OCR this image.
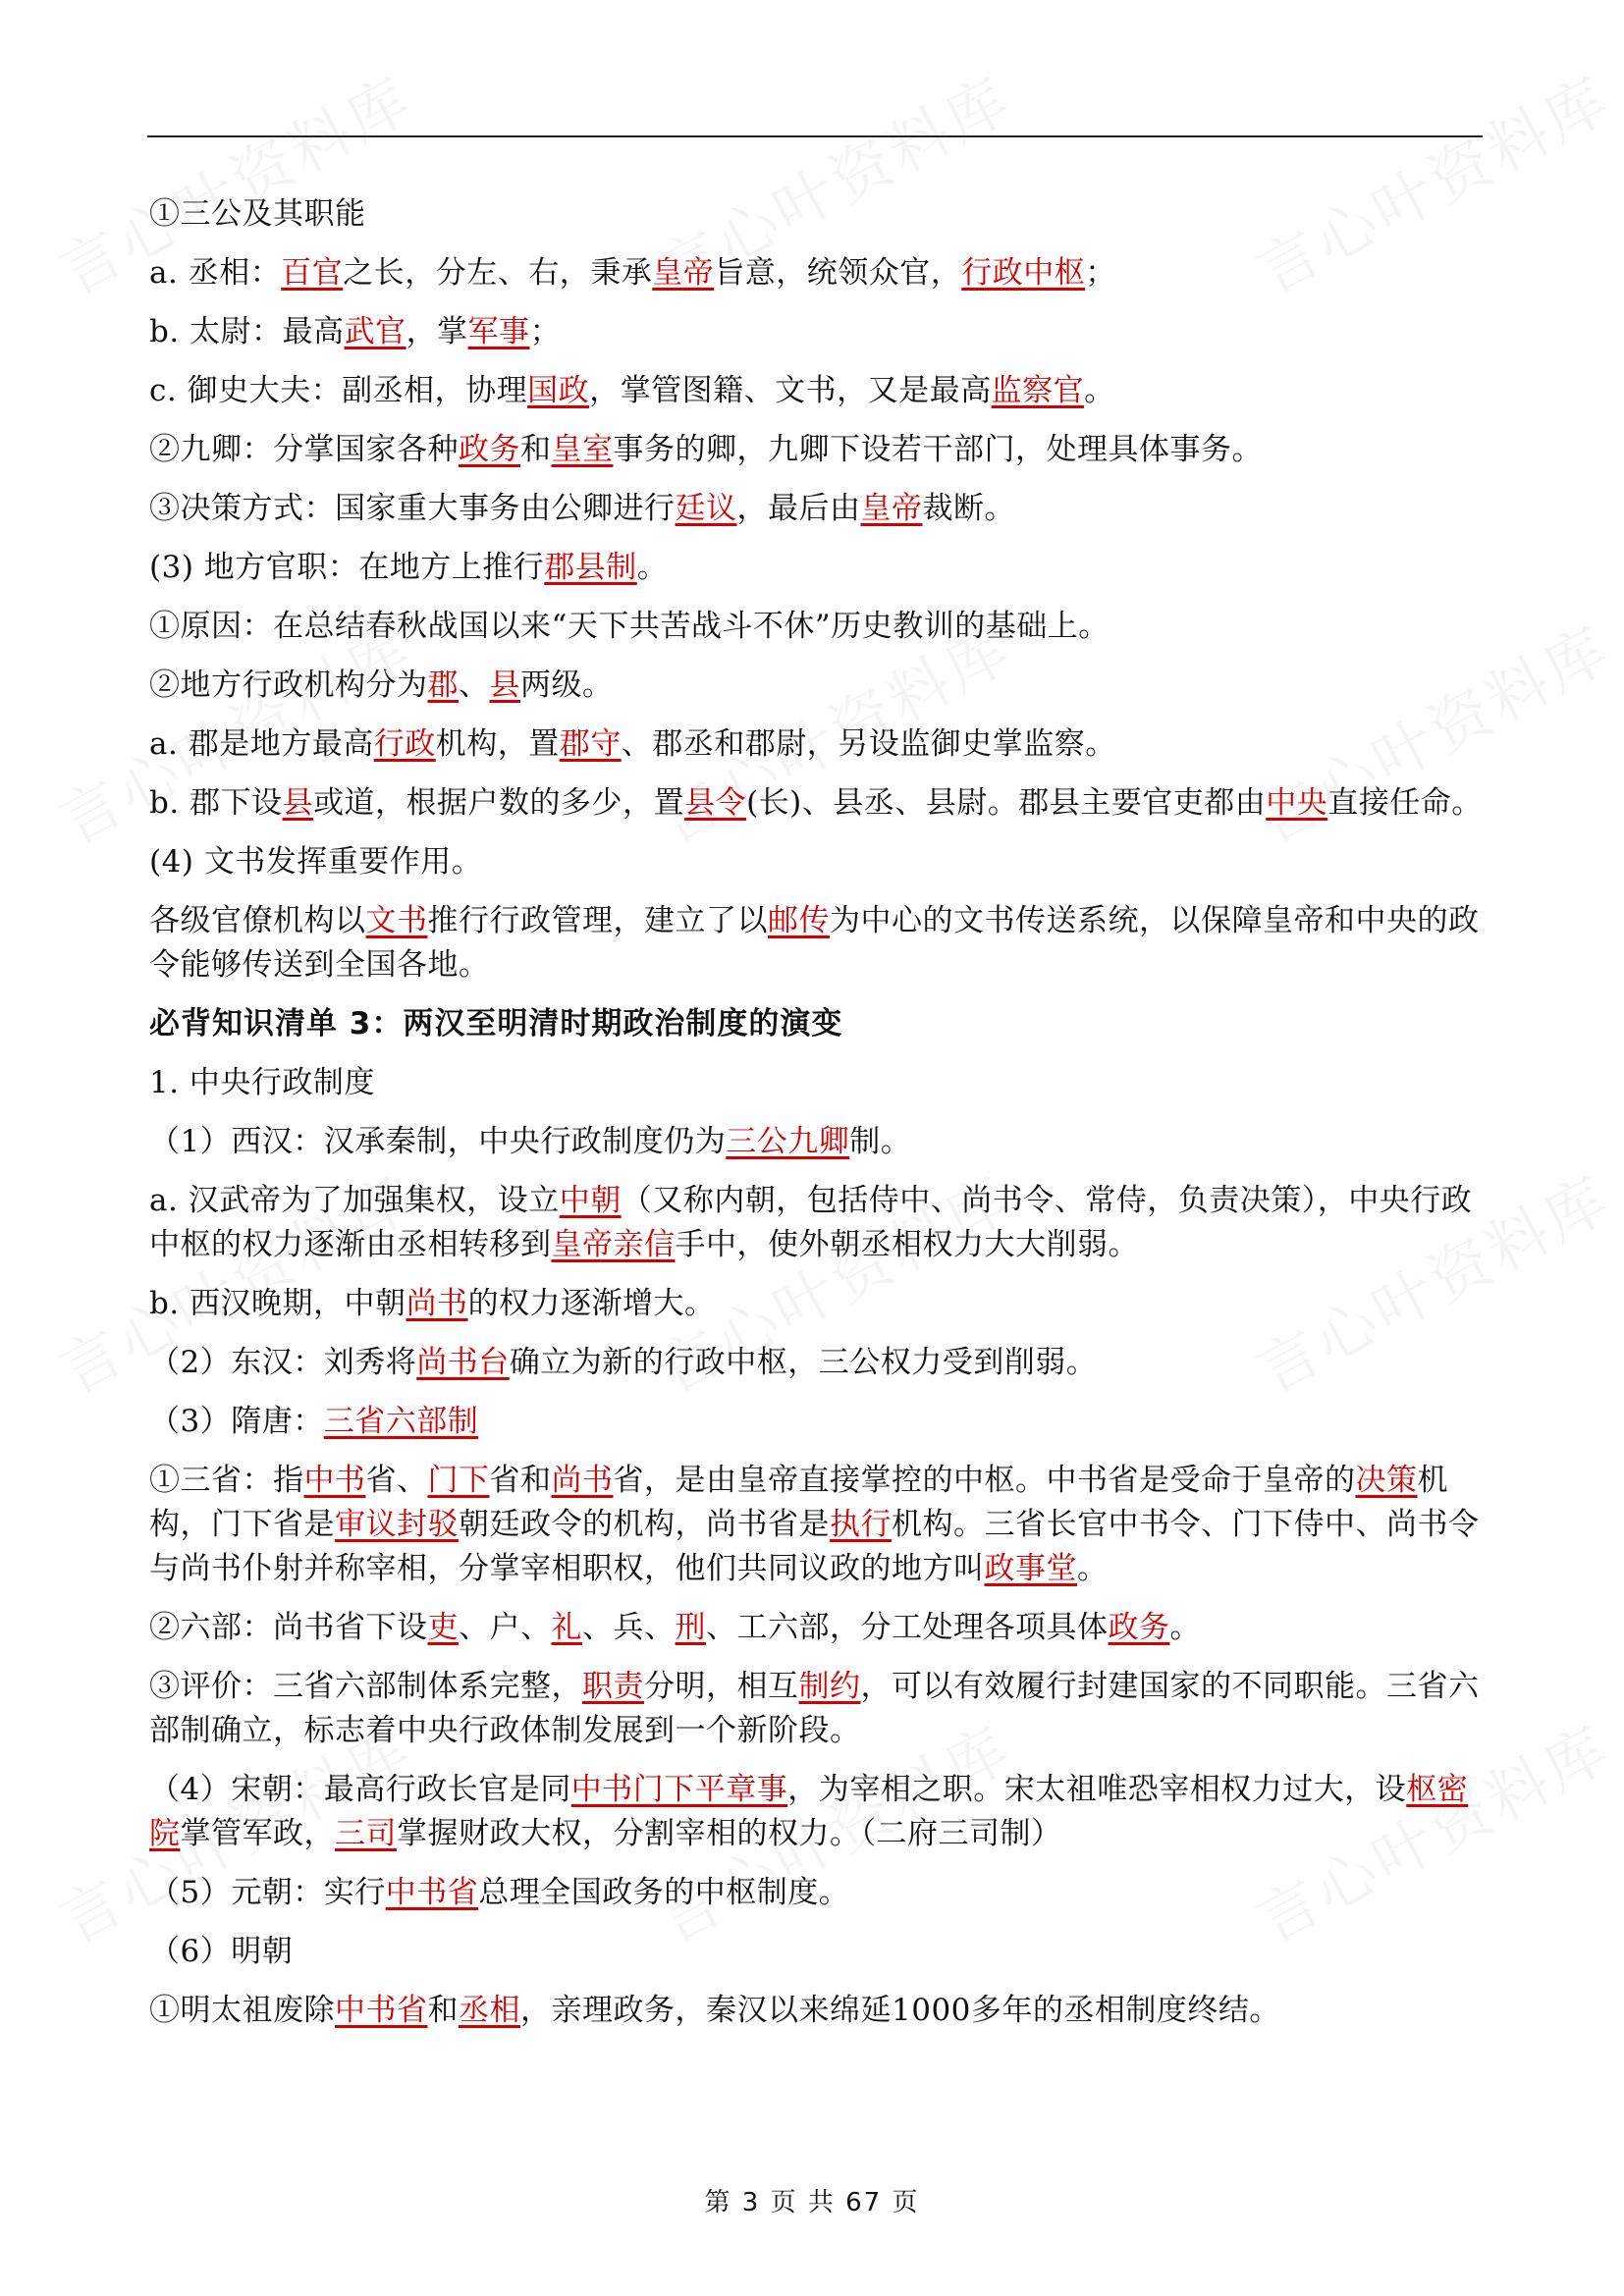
①三公及其职能
a. 丞相：百官之长，分左、右，秉承皇帝旨意，统领众官，行政中枢；
b. 太尉：最高武官，掌军事；
c. 御史大夫：副丞相，协理国政，掌管图籍、文书，又是最高监察官。
②九卿：分掌国家各种政务和皇室事务的卿，九卿下设若干部门，处理具体事务。
③决策方式：国家重大事务由公卿进行廷议，最后由皇帝裁断。
(3) 地方官职：在地方上推行郡县制。
①原因：在总结春秋战国以来“天下共苦战斗不休”历史教训的基础上。
②地方行政机构分为郡、县两级。
a. 郡是地方最高行政机构，置郡守、郡丞和郡尉，另设监御史掌监察。
b. 郡下设县或道，根据户数的多少，置县令(长)、县丞、县尉。郡县主要官吏都由中央直接任命。
(4) 文书发挥重要作用。
各级官僚机构以文书推行行政管理，建立了以邮传为中心的文书传送系统，以保障皇帝和中央的政令能够传送到全国各地。
必背知识清单 3：两汉至明清时期政治制度的演变
1. 中央行政制度
（1）西汉：汉承秦制，中央行政制度仍为三公九卿制。
a. 汉武帝为了加强集权，设立中朝（又称内朝，包括侍中、尚书令、常侍，负责决策），中央行政中枢的权力逐渐由丞相转移到皇帝亲信手中，使外朝丞相权力大大削弱。
b. 西汉晚期，中朝尚书的权力逐渐增大。
（2）东汉：刘秀将尚书台确立为新的行政中枢，三公权力受到削弱。
（3）隋唐：三省六部制
①三省：指中书省、门下省和尚书省，是由皇帝直接掌控的中枢。中书省是受命于皇帝的决策机构，门下省是审议封驳朝廷政令的机构，尚书省是执行机构。三省长官中书令、门下侍中、尚书令与尚书仆射并称宰相，分掌宰相职权，他们共同议政的地方叫政事堂。
②六部：尚书省下设吏、户、礼、兵、刑、工六部，分工处理各项具体政务。
③评价：三省六部制体系完整，职责分明，相互制约，可以有效履行封建国家的不同职能。三省六部制确立，标志着中央行政体制发展到一个新阶段。
（4）宋朝：最高行政长官是同中书门下平章事，为宰相之职。宋太祖唯恐宰相权力过大，设枢密院掌管军政，三司掌握财政大权，分割宰相的权力。（二府三司制）
（5）元朝：实行中书省总理全国政务的中枢制度。
（6）明朝
①明太祖废除中书省和丞相，亲理政务，秦汉以来绵延1000多年的丞相制度终结。
第 3 页 共 67 页
